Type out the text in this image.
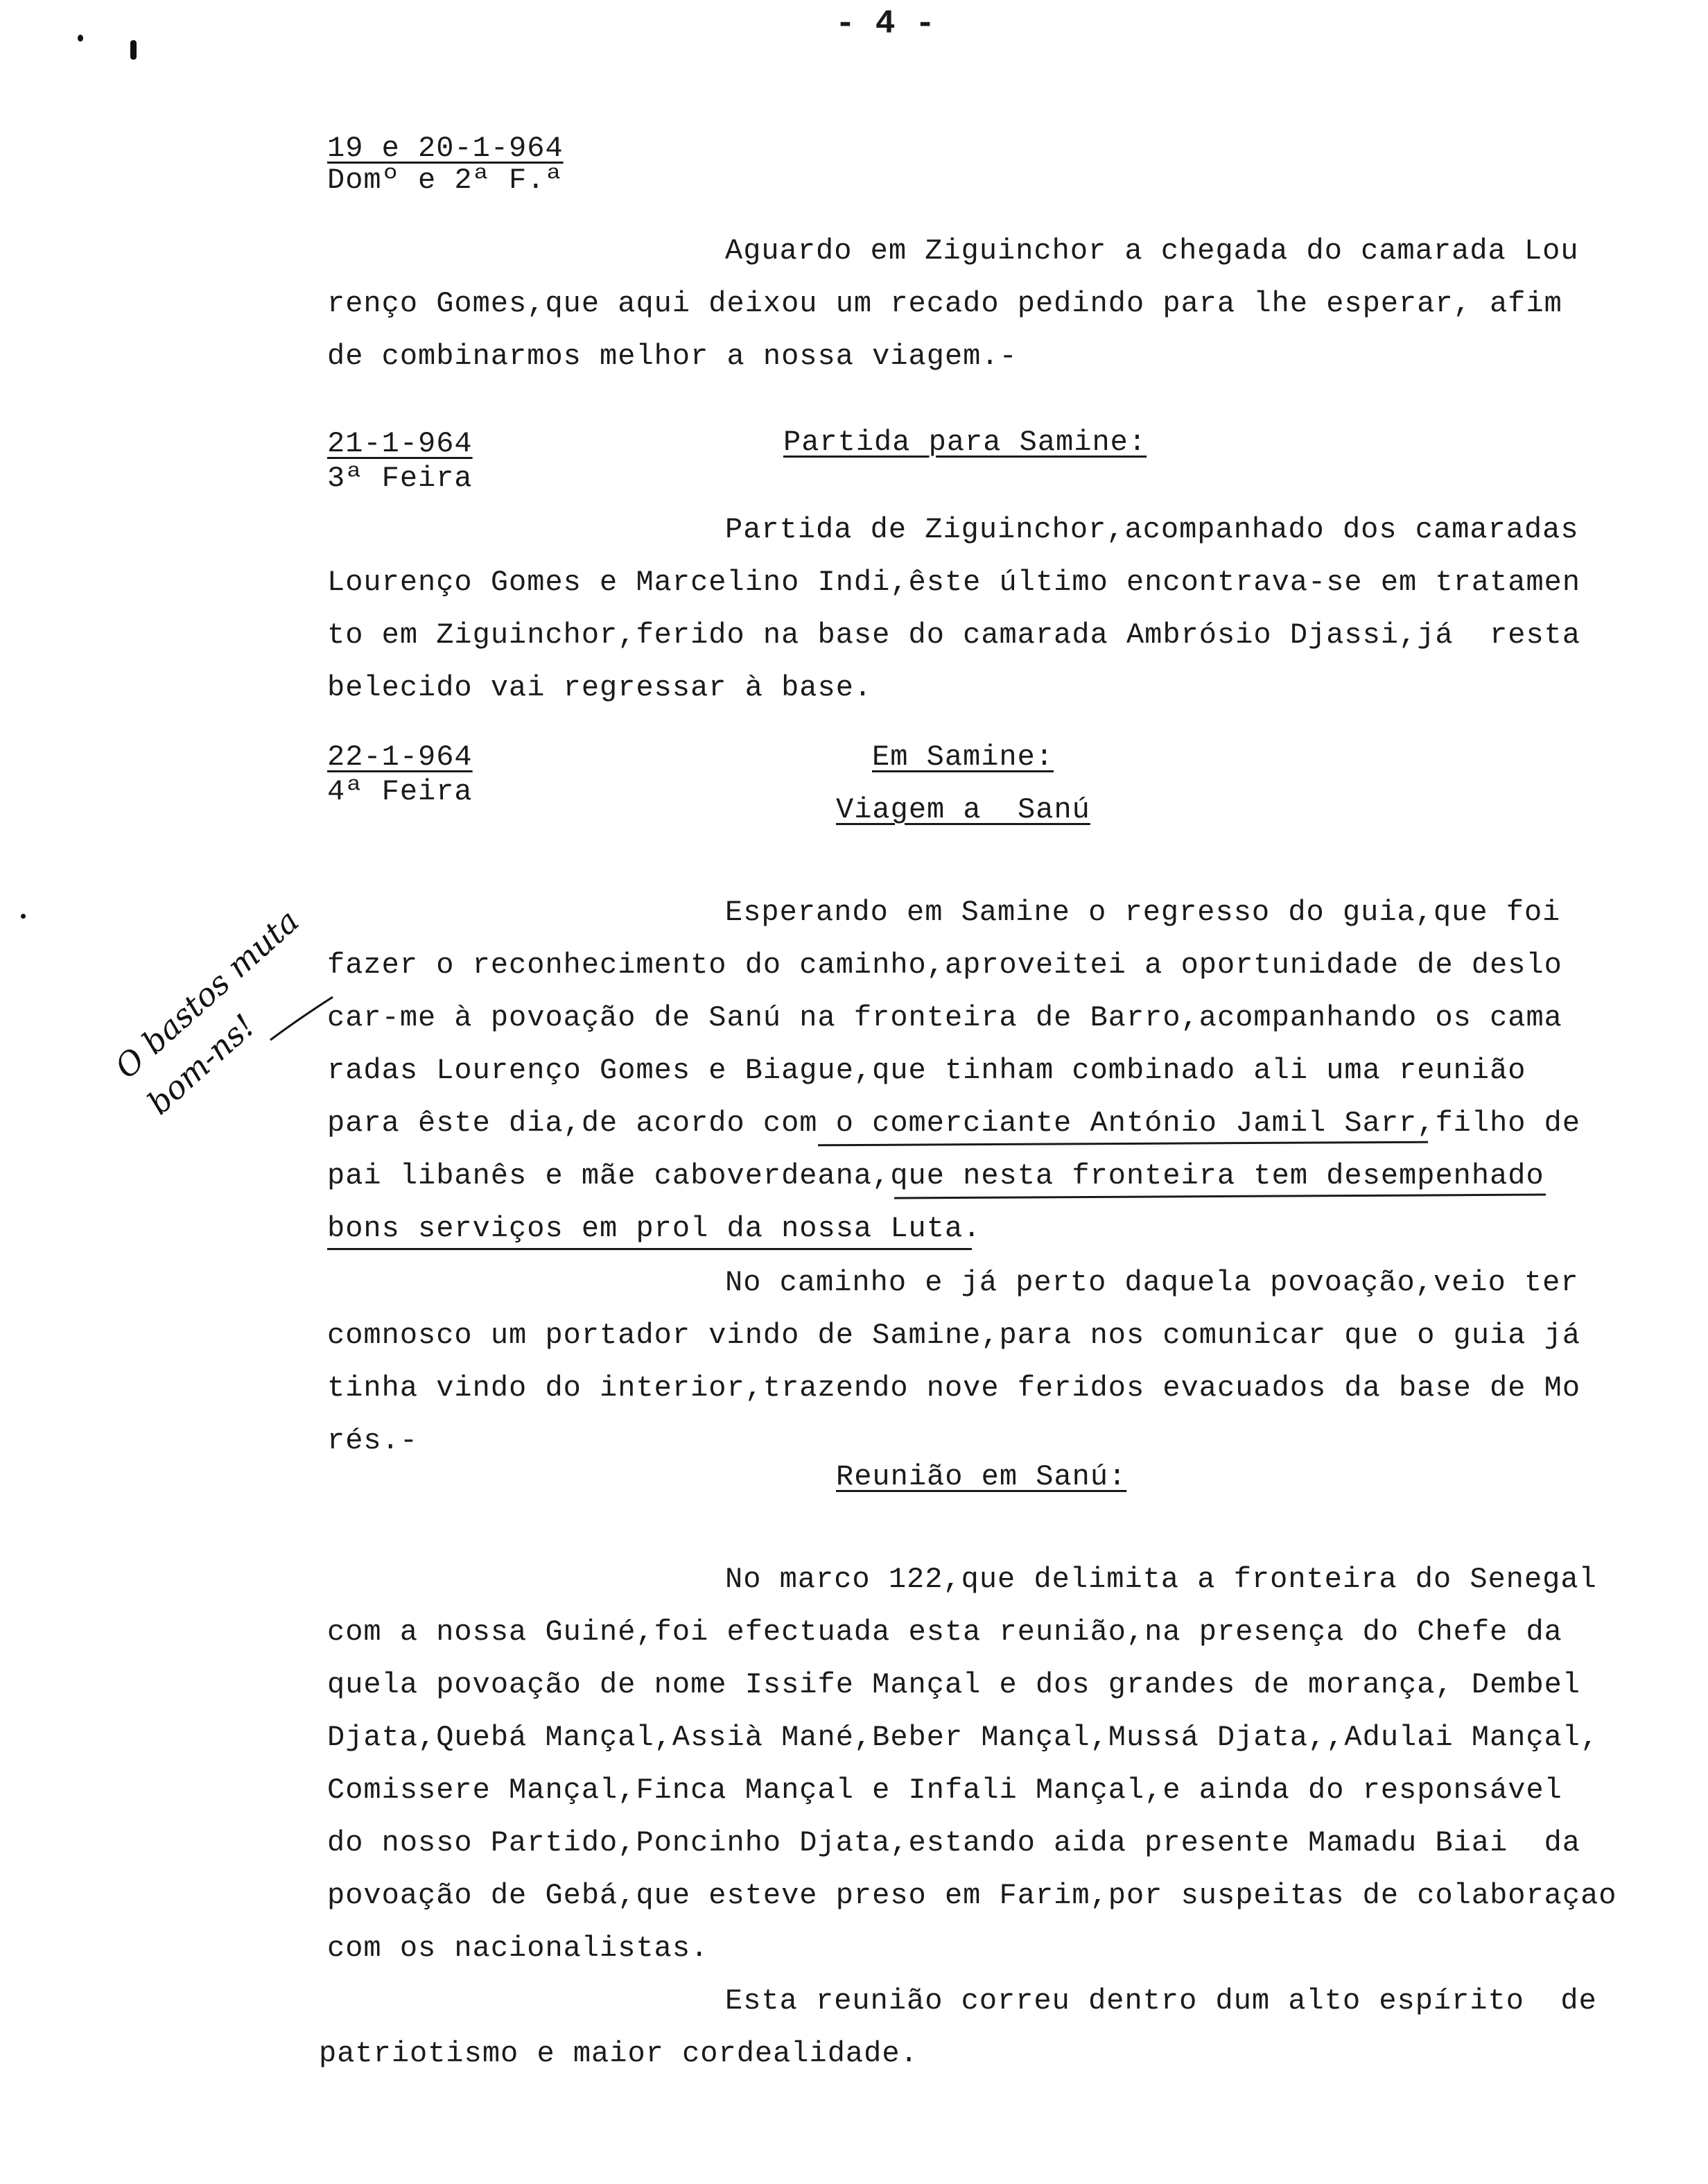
- 4 -
19 e 20-1-964
Domº e 2ª F.ª
Aguardo em Ziguinchor a chegada do camarada Lou
renço Gomes,que aqui deixou um recado pedindo para lhe esperar, afim
de combinarmos melhor a nossa viagem.-
21-1-964
3ª Feira
Partida para Samine:
Partida de Ziguinchor,acompanhado dos camaradas
Lourenço Gomes e Marcelino Indi,êste último encontrava-se em tratamen
to em Ziguinchor,ferido na base do camarada Ambrósio Djassi,já  resta
belecido vai regressar à base.
22-1-964
4ª Feira
Em Samine:
Viagem a  Sanú
Esperando em Samine o regresso do guia,que foi
fazer o reconhecimento do caminho,aproveitei a oportunidade de deslo
car-me à povoação de Sanú na fronteira de Barro,acompanhando os cama
radas Lourenço Gomes e Biague,que tinham combinado ali uma reunião
para êste dia,de acordo com o comerciante António Jamil Sarr,filho de
pai libanês e mãe caboverdeana,que nesta fronteira tem desempenhado
bons serviços em prol da nossa Luta.
No caminho e já perto daquela povoação,veio ter
comnosco um portador vindo de Samine,para nos comunicar que o guia já
tinha vindo do interior,trazendo nove feridos evacuados da base de Mo
rés.-
Reunião em Sanú:
No marco 122,que delimita a fronteira do Senegal
com a nossa Guiné,foi efectuada esta reunião,na presença do Chefe da
quela povoação de nome Issife Mançal e dos grandes de morança, Dembel
Djata,Quebá Mançal,Assià Mané,Beber Mançal,Mussá Djata,,Adulai Mançal,
Comissere Mançal,Finca Mançal e Infali Mançal,e ainda do responsável
do nosso Partido,Poncinho Djata,estando aida presente Mamadu Biai  da
povoação de Gebá,que esteve preso em Farim,por suspeitas de colaboraçao
com os nacionalistas.
Esta reunião correu dentro dum alto espírito  de
patriotismo e maior cordealidade.
O bastos muta
bom-ns!
